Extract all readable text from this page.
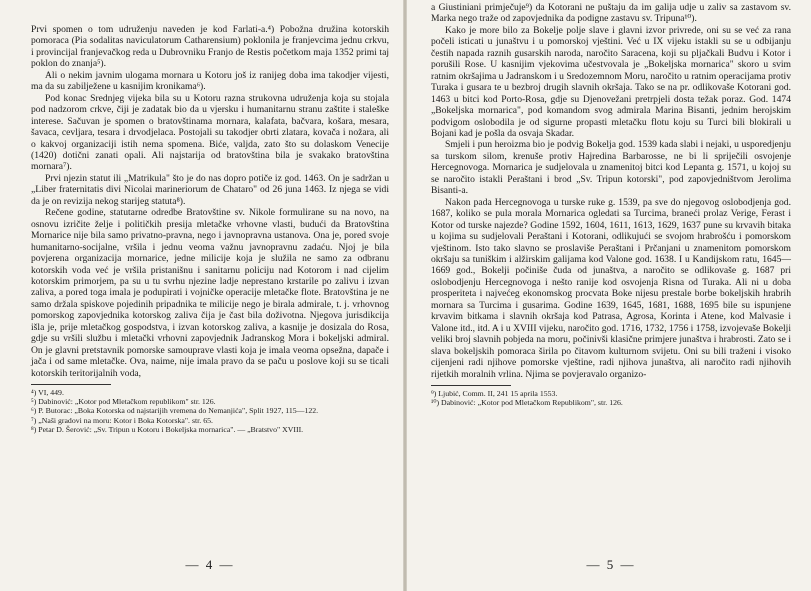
Prvi spomen o tom udruženju naveden je kod Farlati-a.⁴) Pobožna družina kotorskih pomoraca (Pia sodalitas naviculatorum Catharensium) poklonila je franjevcima jednu crkvu, i provincijal franjevačkog reda u Dubrovniku Franjo de Restis početkom maja 1352 primi taj poklon do znanja⁵).

Ali o nekim javnim ulogama mornara u Kotoru još iz ranijeg doba ima takodjer vijesti, ma da su zabilježene u kasnijim kronikama⁶).

Pod konac Srednjeg vijeka bila su u Kotoru razna strukovna udruženja koja su stojala pod nadzorom crkve, čiji je zadatak bio da u vjersku i humanitarnu stranu zaštite i staleške interese. Sačuvan je spomen o bratovštinama mornara, kalafata, bačvara, košara, mesara, šavaca, cevljara, tesara i drvodjelaca. Postojali su takodjer obrti zlatara, kovača i nožara, ali o kakvoj organizaciji istih nema spomena. Biće, valjda, zato što su dolaskom Venecije (1420) dotični zanati opali. Ali najstarija od bratovština bila je svakako bratovština mornara⁷).

Prvi njezin statut ili „Matrikula" što je do nas dopro potiče iz god. 1463. On je sadržan u „Liber fraternitatis divi Nicolai marineriorum de Chataro" od 26 juna 1463. Iz njega se vidi da je on revizija nekog starijeg statuta⁸).

Rečene godine, statutarne odredbe Bratovštine sv. Nikole formulirane su na novo, na osnovu izričite želje i političkih presija mletačke vrhovne vlasti, budući da Bratovština Mornarice nije bila samo privatno-pravna, nego i javnopravna ustanova. Ona je, pored svoje humanitarno-socijalne, vršila i jednu veoma važnu javnopravnu zadaću. Njoj je bila povjerena organizacija mornarice, jedne milicije koja je služila ne samo za odbranu kotorskih voda već je vršila pristanišnu i sanitarnu policiju nad Kotorom i nad cijelim kotorskim primorjem, pa su u tu svrhu njezine ladje neprestano krstarile po zalivu i izvan zaliva, a pored toga imala je podupirati i vojničke operacije mletačke flote. Bratovština je ne samo držala spiskove pojedinih pripadnika te milicije nego je birala admirale, t. j. vrhovnog pomorskog zapovjednika kotorskog zaliva čija je čast bila doživotna. Njegova jurisdikcija išla je, prije mletačkog gospodstva, i izvan kotorskog zaliva, a kasnije je dosizala do Rosa, gdje su vršili službu i mletački vrhovni zapovjednik Jadranskog Mora i bokeljski admiral. On je glavni pretstavnik pomorske samouprave vlasti koja je imala veoma opsežna, dapače i jača i od same mletačke. Ova, naime, nije imala pravo da se paču u poslove koji su se ticali kotorskih teritorijalnih voda,

⁴) VI, 449.
⁵) Dabinović: „Kotor pod Mletačkom republikom" str. 126.
⁶) P. Butorac: „Boka Kotorska od najstarijih vremena do Nemanjića", Split 1927, 115—122.
⁷) „Naši gradovi na moru: Kotor i Boka Kotorska". str. 65.
⁸) Petar D. Šerović: „Sv. Tripun u Kotoru i Bokeljska mornarica". — „Bratstvo" XVIII.
— 4 —

a Giustiniani primječuje⁹) da Kotorani ne puštaju da im galija udje u zaliv sa zastavom sv. Marka nego traže od zapovjednika da podigne zastavu sv. Tripuna¹⁰).

Kako je more bilo za Bokelje polje slave i glavni izvor privrede, oni su se već za rana počeli isticati u junaštvu i u pomorskoj vještini. Već u IX vijeku istakli su se u odbijanju čestih napada raznih gusarskih naroda, naročito Saracena, koji su pljačkali Budvu i Kotor i porušili Rose. U kasnijim vjekovima učestvovala je „Bokeljska mornarica" skoro u svim ratnim okršajima u Jadranskom i u Sredozemnom Moru, naročito u ratnim operacijama protiv Turaka i gusara te u bezbroj drugih slavnih okršaja. Tako se na pr. odlikovaše Kotorani god. 1463 u bitci kod Porto-Rosa, gdje su Djenovežani pretrpjeli dosta težak poraz. God. 1474 „Bokeljska mornarica", pod komandom svog admirala Marina Bisanti, jednim herojskim podvigom oslobodila je od sigurne propasti mletačku flotu koju su Turci bili blokirali u Bojani kad je pošla da osvaja Skadar.

Smjeli i pun heroizma bio je podvig Bokelja god. 1539 kada slabi i nejaki, u usporedjenju sa turskom silom, krenuše protiv Hajredina Barbarosse, ne bi li spriječili osvojenje Hercegnovoga. Mornarica je sudjelovala u znamenitoj bitci kod Lepanta g. 1571, u kojoj su se naročito istakli Peraštani i brod „Sv. Tripun kotorski", pod zapovjedništvom Jerolima Bisanti-a.

Nakon pada Hercegnovoga u turske ruke g. 1539, pa sve do njegovog oslobodjenja god. 1687, koliko se pula morala Mornarica ogledati sa Turcima, braneći prolaz Verige, Ferast i Kotor od turske najezde? Godine 1592, 1604, 1611, 1613, 1629, 1637 pune su krvavih bitaka u kojima su sudjelovali Peraštani i Kotorani, odlikujući se svojom hrabrošću i pomorskom vještinom. Isto tako slavno se proslaviše Peraštani i Prčanjani u znamenitom pomorskom okršaju sa tuniškim i alžirskim galijama kod Valone god. 1638. I u Kandijskom ratu, 1645—1669 god., Bokelji počiniše čuda od junaštva, a naročito se odlikovaše g. 1687 pri oslobodjenju Hercegnovoga i nešto ranije kod osvojenja Risna od Turaka. Ali ni u doba prosperiteta i najvećeg ekonomskog procvata Boke nijesu prestale borbe bokeljskih hrabrih mornara sa Turcima i gusarima. Godine 1639, 1645, 1681, 1688, 1695 bile su ispunjene krvavim bitkama i slavnih okršaja kod Patrasa, Agrosa, Korinta i Atene, kod Malvasie i Valone itd., itd. A i u XVIII vijeku, naročito god. 1716, 1732, 1756 i 1758, izvojevaše Bokelji veliki broj slavnih pobjeda na moru, počinivši klasične primjere junaštva i hrabrosti. Zato se i slava bokeljskih pomoraca širila po čitavom kulturnom svijetu. Oni su bili traženi i visoko cijenjeni radi njihove pomorske vještine, radi njihova junaštva, ali naročito radi njihovih rijetkih moralnih vrlina. Njima se povjeravalo organizo-

⁹) Ljubić, Comm. II, 241 15 aprila 1553.
¹⁰) Dabinović: „Kotor pod Mletačkom Republikom", str. 126.
— 5 —
